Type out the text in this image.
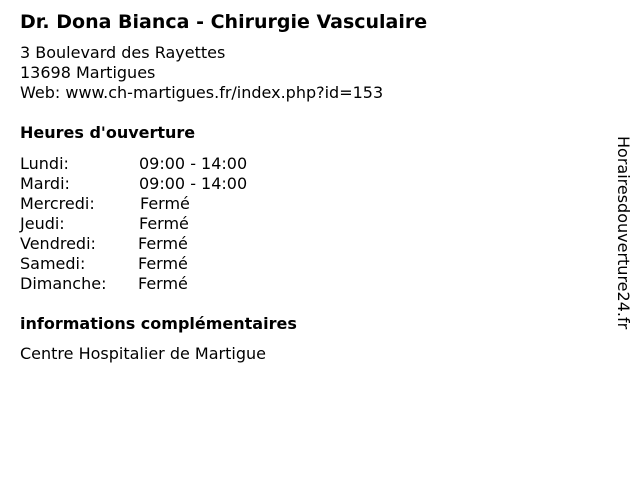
Dr. Dona Bianca - Chirurgie Vasculaire
3 Boulevard des Rayettes
13698 Martigues
Web: www.ch-martigues.fr/index.php?id=153
Heures d'ouverture
Lundi:	09:00 - 14:00
Mardi:	09:00 - 14:00
Mercredi:	Fermé
Jeudi:	Fermé
Vendredi:	Fermé
Samedi:	Fermé
Dimanche:	Fermé
informations complémentaires
Centre Hospitalier de Martigue
Horairesdouverture24.fr
